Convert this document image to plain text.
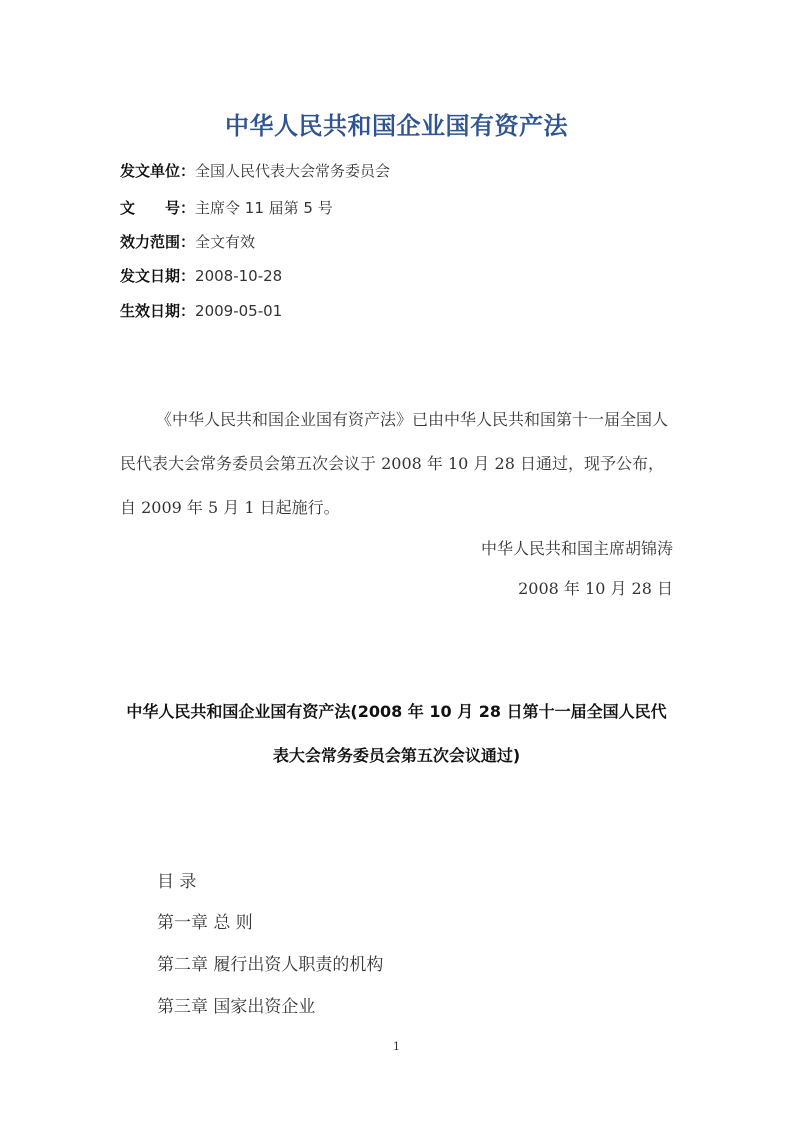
中华人民共和国企业国有资产法
发文单位：全国人民代表大会常务委员会
文　　号：主席令 11 届第 5 号
效力范围：全文有效
发文日期：2008-10-28
生效日期：2009-05-01
《中华人民共和国企业国有资产法》已由中华人民共和国第十一届全国人民代表大会常务委员会第五次会议于 2008 年 10 月 28 日通过，现予公布，自 2009 年 5 月 1 日起施行。
中华人民共和国主席胡锦涛
2008 年 10 月 28 日
中华人民共和国企业国有资产法(2008 年 10 月 28 日第十一届全国人民代表大会常务委员会第五次会议通过)
目 录
第一章 总 则
第二章 履行出资人职责的机构
第三章 国家出资企业
1
